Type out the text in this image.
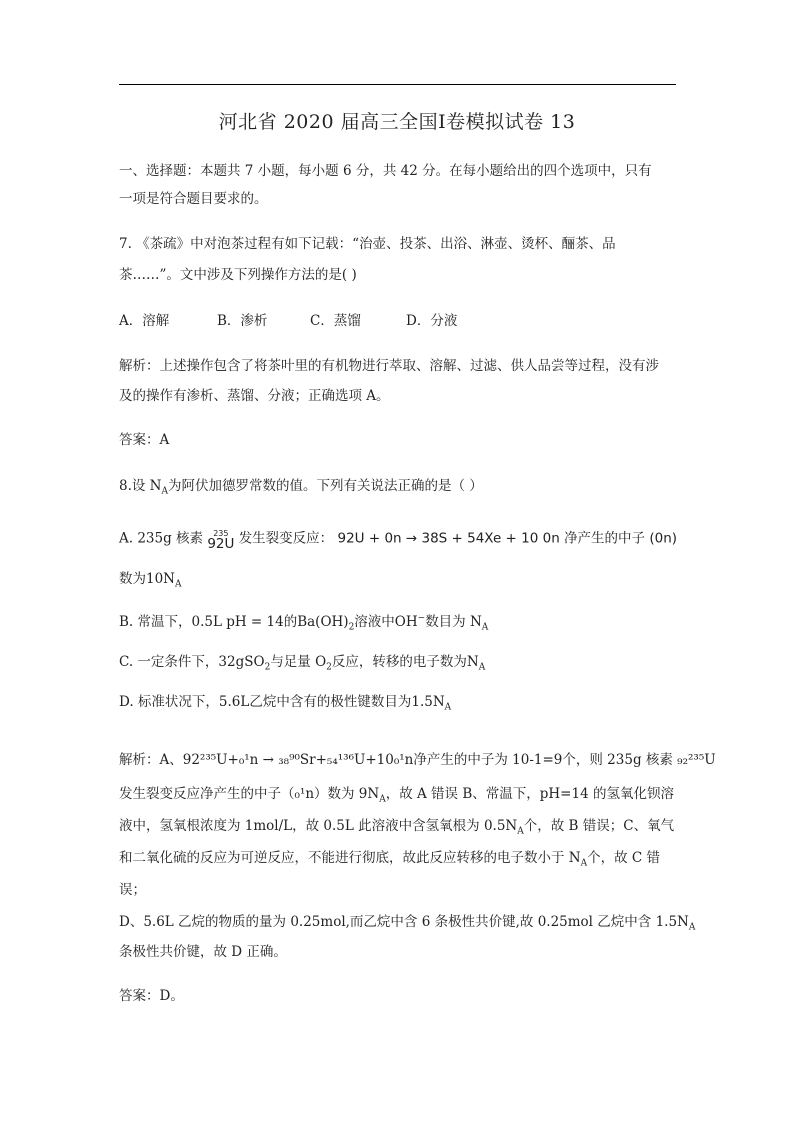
河北省 2020 届高三全国Ⅰ卷模拟试卷 13
一、选择题：本题共 7 小题，每小题 6 分，共 42 分。在每小题给出的四个选项中，只有
一项是符合题目要求的。
7. 《茶疏》中对泡茶过程有如下记载：“治壶、投茶、出浴、淋壶、烫杯、酾茶、品
茶……”。文中涉及下列操作方法的是( )
A．溶解	B．渗析	C．蒸馏	D．分液
解析：上述操作包含了将茶叶里的有机物进行萃取、溶解、过滤、供人品尝等过程，没有涉
及的操作有渗析、蒸馏、分液；正确选项 A。
答案：A
8.设 $N_A$为阿伏加德罗常数的值。下列有关说法正确的是（ ）
A. 235g 核素 235
92U 发生裂变反应： 92U + 0n → 38S + 54Xe + 10 0n 净产生的中子 (0n)
数为$10N_A$
B. 常温下，0.5L pH = 14的$Ba(OH)_2$溶液中OH−数目为 $N_A$
C. 一定条件下，32gSO$_2$与足量 $O_2$反应，转移的电子数为$N_A$
D. 标准状况下，5.6L乙烷中含有的极性键数目为$1.5N_A$
解析：A、92²³⁵U+₀¹n → ₃₈⁹⁰Sr+₅₄¹³⁶U+10₀¹n净产生的中子为 10-1=9个，则 235g 核素 ₉₂²³⁵U
发生裂变反应净产生的中子（₀¹n）数为 $9N_A$，故 A 错误 B、常温下，pH=14 的氢氧化钡溶
液中，氢氧根浓度为 1mol/L，故 0.5L 此溶液中含氢氧根为 $0.5N_A$个，故 B 错误；C、氧气
和二氧化硫的反应为可逆反应，不能进行彻底，故此反应转移的电子数小于 $N_A$个，故 C 错
误；
D、5.6L 乙烷的物质的量为 0.25mol,而乙烷中含 6 条极性共价键,故 0.25mol 乙烷中含 $1.5N_A$
条极性共价键，故 D 正确。
答案：D。
